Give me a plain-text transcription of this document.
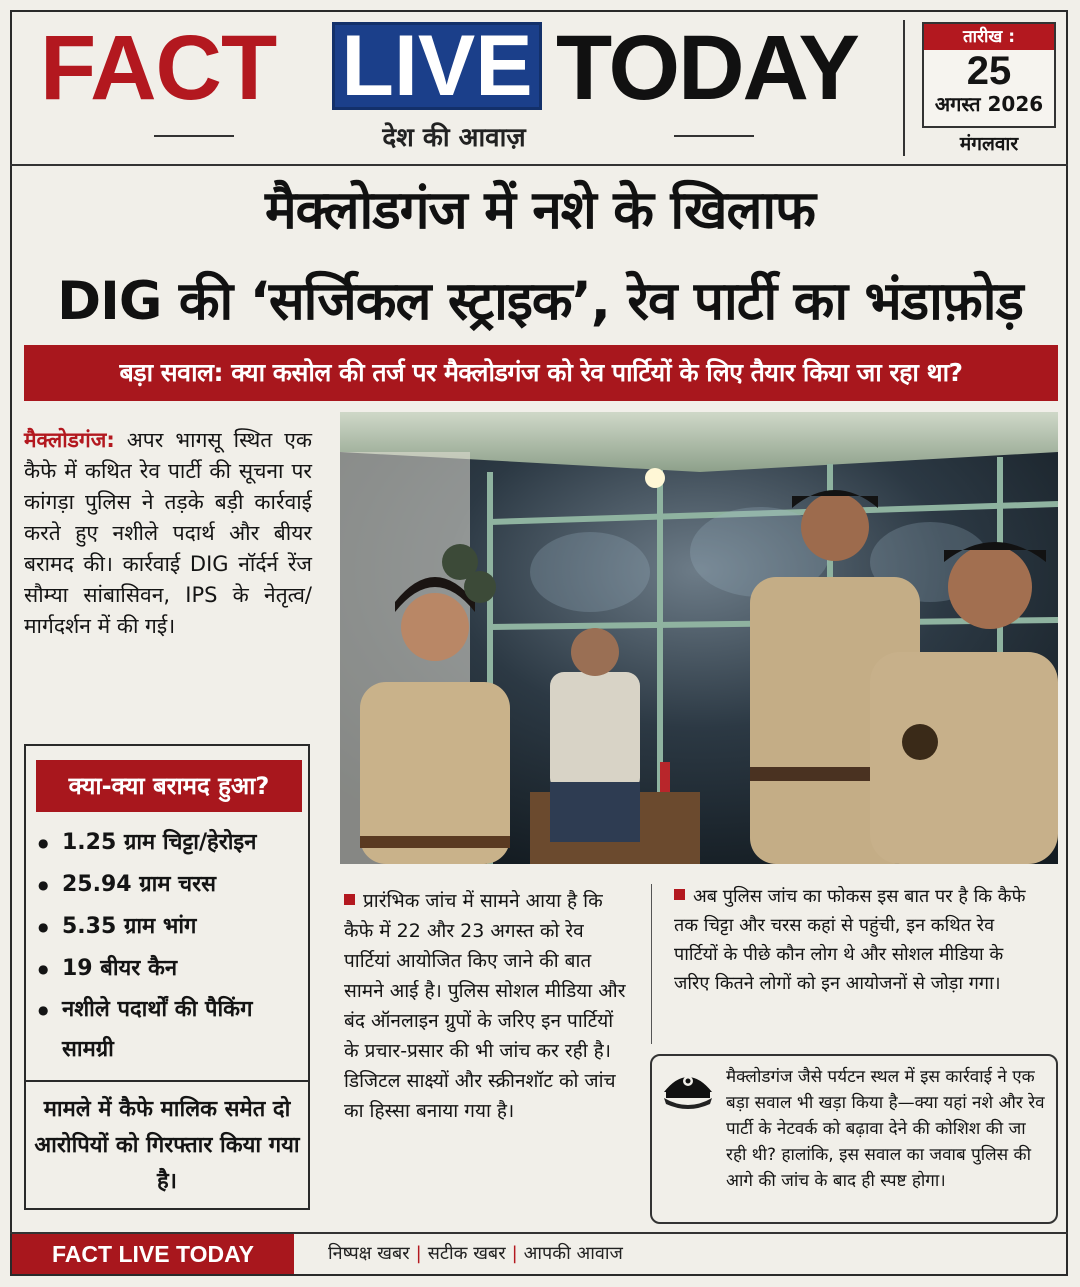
FACT LIVE TODAY
देश की आवाज़
तारीख :
25
अगस्त 2026
मंगलवार
मैक्लोडगंज में नशे के खिलाफ
DIG की ‘सर्जिकल स्ट्राइक’, रेव पार्टी का भंडाफ़ोड़
बड़ा सवाल: क्या कसोल की तर्ज पर मैक्लोडगंज को रेव पार्टियों के लिए तैयार किया जा रहा था?
मैक्लोडगंज: अपर भागसू स्थित एक कैफे में कथित रेव पार्टी की सूचना पर कांगड़ा पुलिस ने तड़के बड़ी कार्रवाई करते हुए नशीले पदार्थ और बीयर बरामद की। कार्रवाई DIG नॉर्दर्न रेंज सौम्या सांबासिवन, IPS के नेतृत्व/ मार्गदर्शन में की गई।
क्या-क्या बरामद हुआ?
● 1.25 ग्राम चिट्टा/हेरोइन
● 25.94 ग्राम चरस
● 5.35 ग्राम भांग
● 19 बीयर कैन
● नशीले पदार्थों की पैकिंग सामग्री
मामले में कैफे मालिक समेत दो आरोपियों को गिरफ्तार किया गया है।
प्रारंभिक जांच में सामने आया है कि कैफे में 22 और 23 अगस्त को रेव पार्टियां आयोजित किए जाने की बात सामने आई है। पुलिस सोशल मीडिया और बंद ऑनलाइन ग्रुपों के जरिए इन पार्टियों के प्रचार-प्रसार की भी जांच कर रही है। डिजिटल साक्ष्यों और स्क्रीनशॉट को जांच का हिस्सा बनाया गया है।
अब पुलिस जांच का फोकस इस बात पर है कि कैफे तक चिट्टा और चरस कहां से पहुंची, इन कथित रेव पार्टियों के पीछे कौन लोग थे और सोशल मीडिया के जरिए कितने लोगों को इन आयोजनों से जोड़ा गगा।
मैक्लोडगंज जैसे पर्यटन स्थल में इस कार्रवाई ने एक बड़ा सवाल भी खड़ा किया है—क्या यहां नशे और रेव पार्टी के नेटवर्क को बढ़ावा देने की कोशिश की जा रही थी? हालांकि, इस सवाल का जवाब पुलिस की आगे की जांच के बाद ही स्पष्ट होगा।
FACT LIVE TODAY	निष्पक्ष खबर | सटीक खबर | आपकी आवाज
